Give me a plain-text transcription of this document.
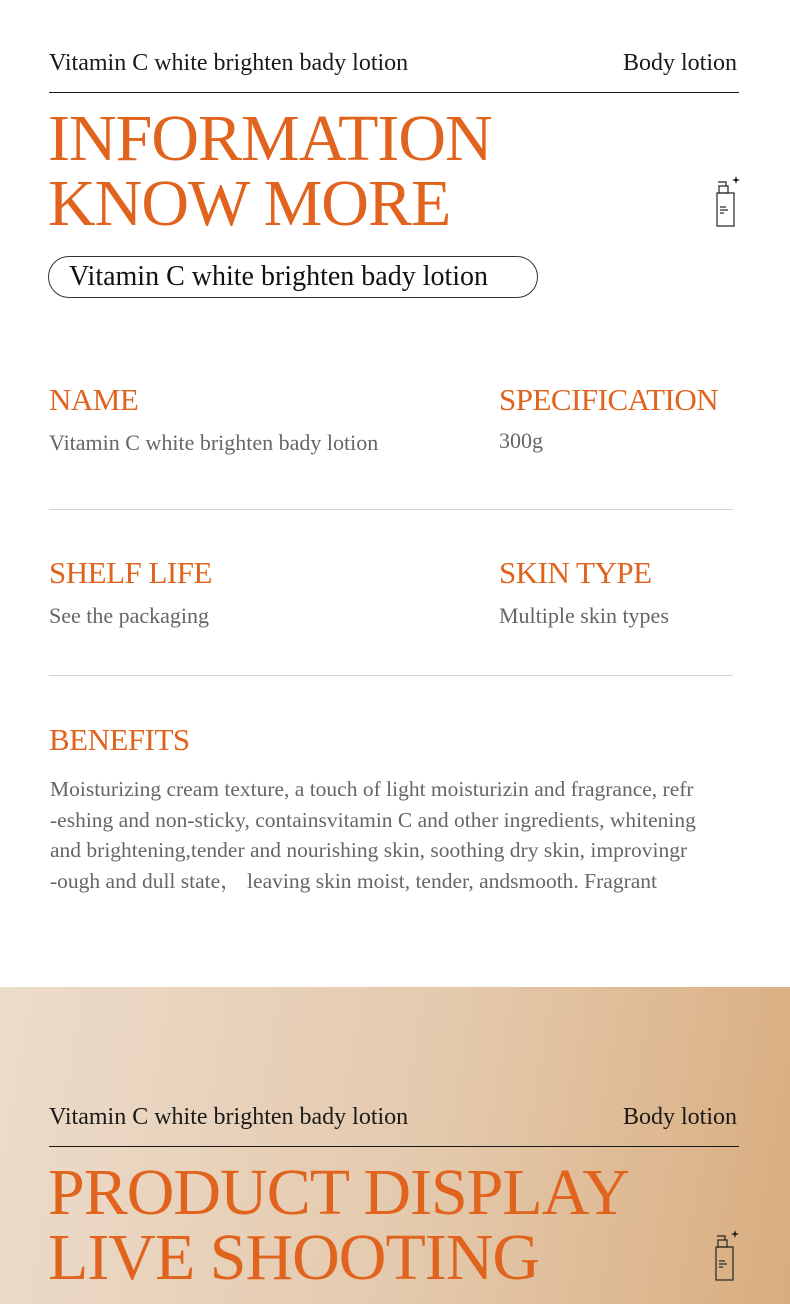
Vitamin C white brighten bady lotion	Body lotion
INFORMATION
KNOW MORE
Vitamin C white brighten bady lotion
NAME
Vitamin C white brighten bady lotion
SPECIFICATION
300g
SHELF LIFE
See the packaging
SKIN TYPE
Multiple skin types
BENEFITS
Moisturizing cream texture, a touch of light moisturizin and fragrance, refr
-eshing and non-sticky, containsvitamin C and other ingredients, whitening
and brightening,tender and nourishing skin, soothing dry skin, improvingr
-ough and dull state， leaving skin moist, tender, andsmooth. Fragrant
Vitamin C white brighten bady lotion	Body lotion
PRODUCT DISPLAY
LIVE SHOOTING
